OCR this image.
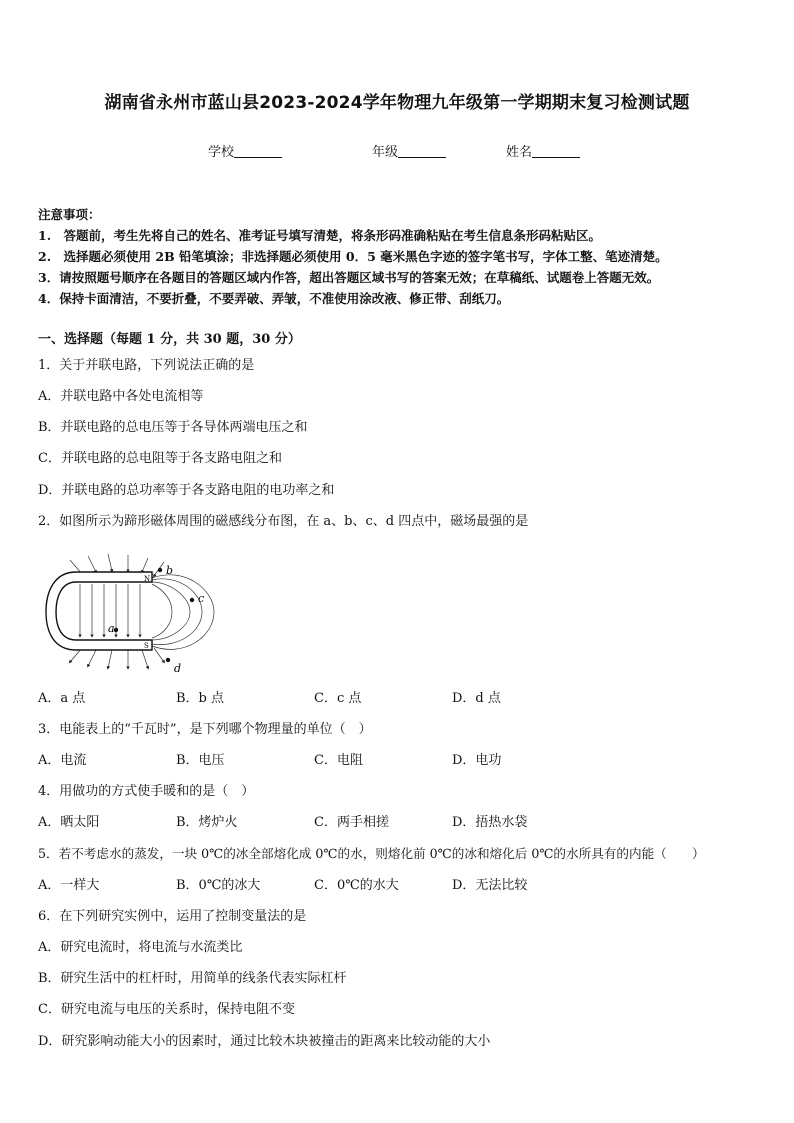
湖南省永州市蓝山县2023-2024学年物理九年级第一学期期末复习检测试题
学校	年级	姓名
注意事项：
1.　答题前，考生先将自己的姓名、准考证号填写清楚，将条形码准确粘贴在考生信息条形码粘贴区。
2.　选择题必须使用 2B 铅笔填涂；非选择题必须使用 0．5 毫米黑色字迹的签字笔书写，字体工整、笔迹清楚。
3．请按照题号顺序在各题目的答题区域内作答，超出答题区域书写的答案无效；在草稿纸、试题卷上答题无效。
4．保持卡面清洁，不要折叠，不要弄破、弄皱，不准使用涂改液、修正带、刮纸刀。
一、选择题（每题 1 分，共 30 题，30 分）
1．关于并联电路，下列说法正确的是
A．并联电路中各处电流相等
B．并联电路的总电压等于各导体两端电压之和
C．并联电路的总电阻等于各支路电阻之和
D．并联电路的总功率等于各支路电阻的电功率之和
2．如图所示为蹄形磁体周围的磁感线分布图，在 a、b、c、d 四点中，磁场最强的是
N
S
b
c
a
d
A．a 点	B．b 点	C．c 点	D．d 点
3．电能表上的“千瓦时”，是下列哪个物理量的单位（　）
A．电流	B．电压	C．电阻	D．电功
4．用做功的方式使手暖和的是（　）
A．晒太阳	B．烤炉火	C．两手相搓	D．捂热水袋
5．若不考虑水的蒸发，一块 0℃的冰全部熔化成 0℃的水，则熔化前 0℃的冰和熔化后 0℃的水所具有的内能（　　）
A．一样大	B．0℃的冰大	C．0℃的水大	D．无法比较
6．在下列研究实例中，运用了控制变量法的是
A．研究电流时，将电流与水流类比
B．研究生活中的杠杆时，用简单的线条代表实际杠杆
C．研究电流与电压的关系时，保持电阻不变
D．研究影响动能大小的因素时，通过比较木块被撞击的距离来比较动能的大小
